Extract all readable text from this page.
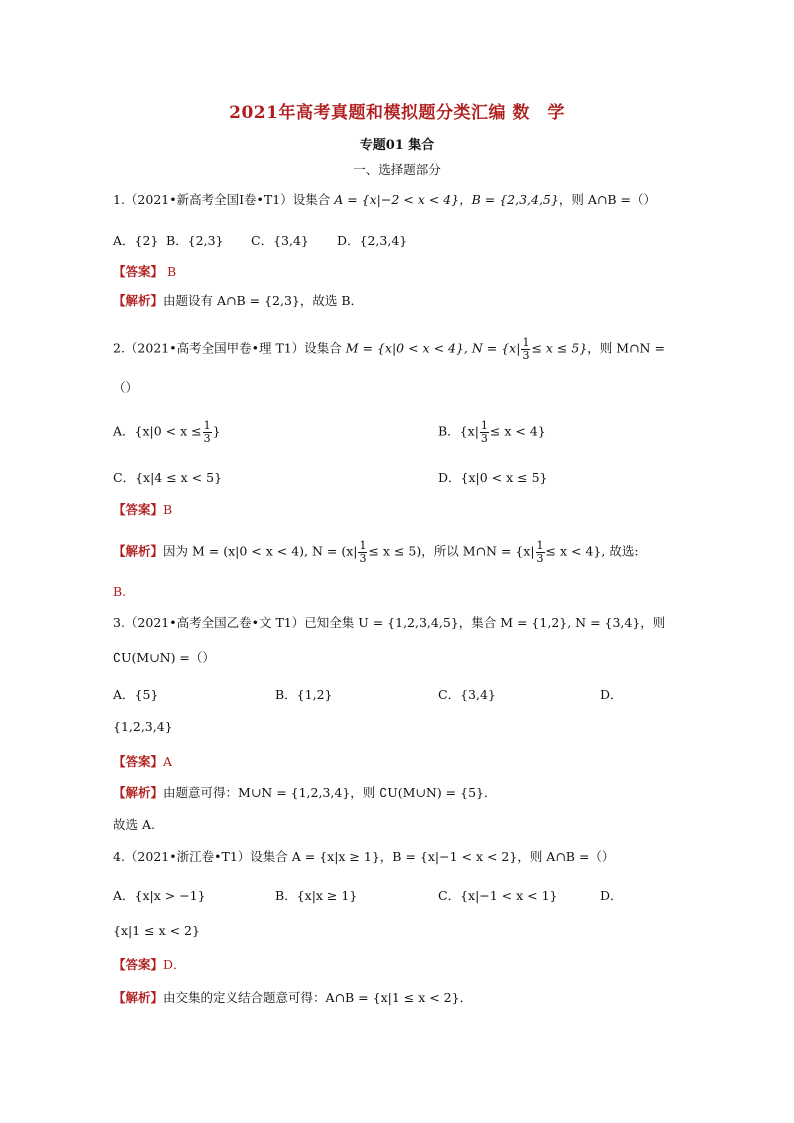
2021年高考真题和模拟题分类汇编 数　学
专题01 集合
一、选择题部分
1.（2021•新高考全国Ⅰ卷•T1）设集合 A = {x|−2 < x < 4}，B = {2,3,4,5}，则 A∩B =（）
A．{2} B．{2,3} C．{3,4} D．{2,3,4}
【答案】 B
【解析】由题设有 A∩B = {2,3}，故选 B．
2.（2021•高考全国甲卷•理 T1）设集合 M = {x|0 < x < 4}, $N = \{x| \frac{1}{3} \le x \le 5\}$，则 M∩N =
（）
A．{$x|0 < x \le \frac{1}{3}$ }	B．$\{x| \frac{1}{3} \le x < 4\}$
C．{x|4 ≤ x < 5}	D．{x|0 < x ≤ 5}
【答案】B
【解析】因为 M = (x|0 < x < 4), $N = (x| \frac{1}{3} \le x \le 5)$，所以 M∩N = $\{x| \frac{1}{3} \le x < 4\}$, 故选:
B.
3.（2021•高考全国乙卷•文 T1）已知全集 U = {1,2,3,4,5}，集合 M = {1,2}, N = {3,4}，则
∁U(M∪N) =（）
A．{5}	B．{1,2}	C．{3,4}	D．
{1,2,3,4}
【答案】A
【解析】由题意可得：M∪N = {1,2,3,4}，则 ∁U(M∪N) = {5}．
故选 A.
4.（2021•浙江卷•T1）设集合 A = {x|x ≥ 1}，B = {x|−1 < x < 2}，则 A∩B =（）
A．{x|x > −1}	B．{x|x ≥ 1}	C．{x|−1 < x < 1}	D．
{x|1 ≤ x < 2}
【答案】D．
【解析】由交集的定义结合题意可得：A∩B = {x|1 ≤ x < 2}．
